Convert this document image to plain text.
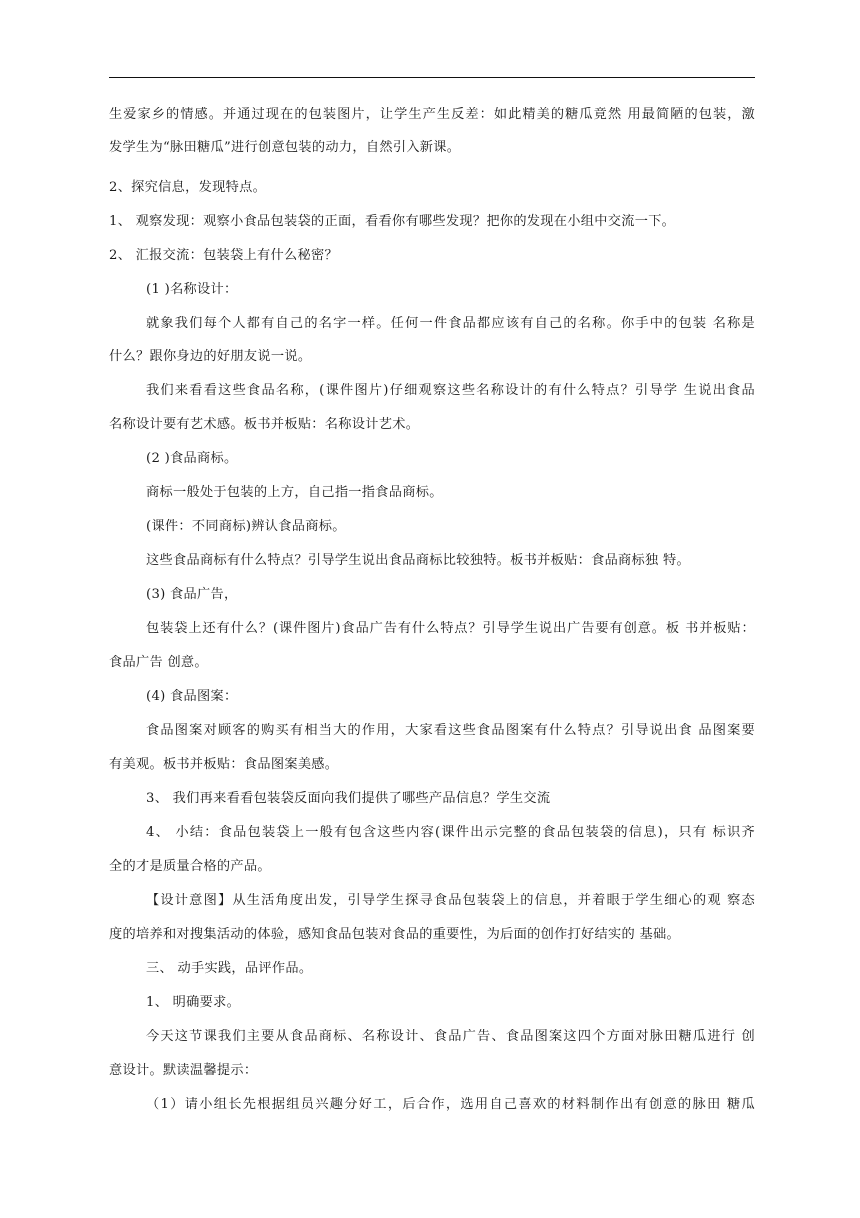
生爱家乡的情感。并通过现在的包装图片，让学生产生反差：如此精美的糖瓜竟然 用最简陋的包装，激
发学生为“脉田糖瓜”进行创意包装的动力，自然引入新课。
2、探究信息，发现特点。
1、 观察发现：观察小食品包装袋的正面，看看你有哪些发现？把你的发现在小组中交流一下。
2、 汇报交流：包装袋上有什么秘密？
(1 )名称设计：
就象我们每个人都有自己的名字一样。任何一件食品都应该有自己的名称。你手中的包装 名称是
什么？跟你身边的好朋友说一说。
我们来看看这些食品名称，(课件图片)仔细观察这些名称设计的有什么特点？引导学 生说出食品
名称设计要有艺术感。板书并板贴：名称设计艺术。
(2 )食品商标。
商标一般处于包装的上方，自己指一指食品商标。
(课件：不同商标)辨认食品商标。
这些食品商标有什么特点？引导学生说出食品商标比较独特。板书并板贴：食品商标独 特。
(3) 食品广告，
包装袋上还有什么？(课件图片)食品广告有什么特点？引导学生说出广告要有创意。板 书并板贴：
食品广告 创意。
(4) 食品图案：
食品图案对顾客的购买有相当大的作用，大家看这些食品图案有什么特点？引导说出食 品图案要
有美观。板书并板贴：食品图案美感。
3、 我们再来看看包装袋反面向我们提供了哪些产品信息？学生交流
4、 小结：食品包装袋上一般有包含这些内容(课件出示完整的食品包装袋的信息)，只有 标识齐
全的才是质量合格的产品。
【设计意图】从生活角度出发，引导学生探寻食品包装袋上的信息，并着眼于学生细心的观 察态
度的培养和对搜集活动的体验，感知食品包装对食品的重要性，为后面的创作打好结实的 基础。
三、 动手实践，品评作品。
1、 明确要求。
今天这节课我们主要从食品商标、名称设计、食品广告、食品图案这四个方面对脉田糖瓜进行 创
意设计。默读温馨提示：
（1）请小组长先根据组员兴趣分好工，后合作，选用自己喜欢的材料制作出有创意的脉田 糖瓜
